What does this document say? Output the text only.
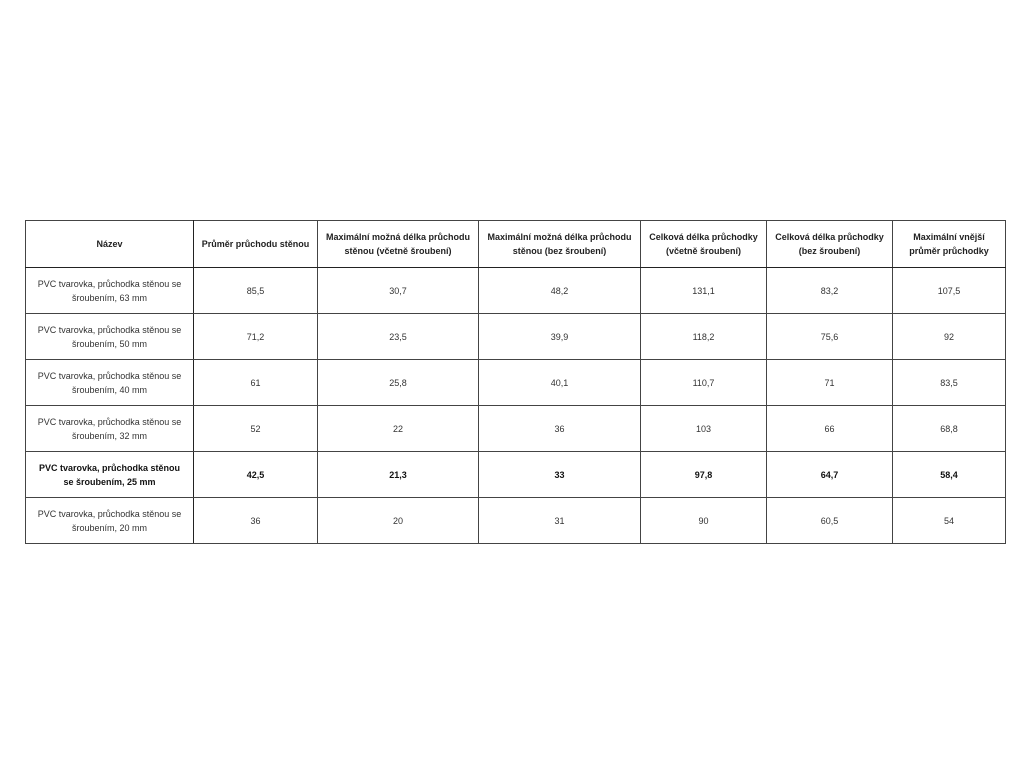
Název	Průměr průchodu stěnou	Maximální možná délka průchodu stěnou (včetně šroubení)	Maximální možná délka průchodu stěnou (bez šroubení)	Celková délka průchodky (včetně šroubení)	Celková délka průchodky (bez šroubení)	Maximální vnější průměr průchodky
PVC tvarovka, průchodka stěnou se šroubením, 63 mm	85,5	30,7	48,2	131,1	83,2	107,5
PVC tvarovka, průchodka stěnou se šroubením, 50 mm	71,2	23,5	39,9	118,2	75,6	92
PVC tvarovka, průchodka stěnou se šroubením, 40 mm	61	25,8	40,1	110,7	71	83,5
PVC tvarovka, průchodka stěnou se šroubením, 32 mm	52	22	36	103	66	68,8
PVC tvarovka, průchodka stěnou se šroubením, 25 mm	42,5	21,3	33	97,8	64,7	58,4
PVC tvarovka, průchodka stěnou se šroubením, 20 mm	36	20	31	90	60,5	54
